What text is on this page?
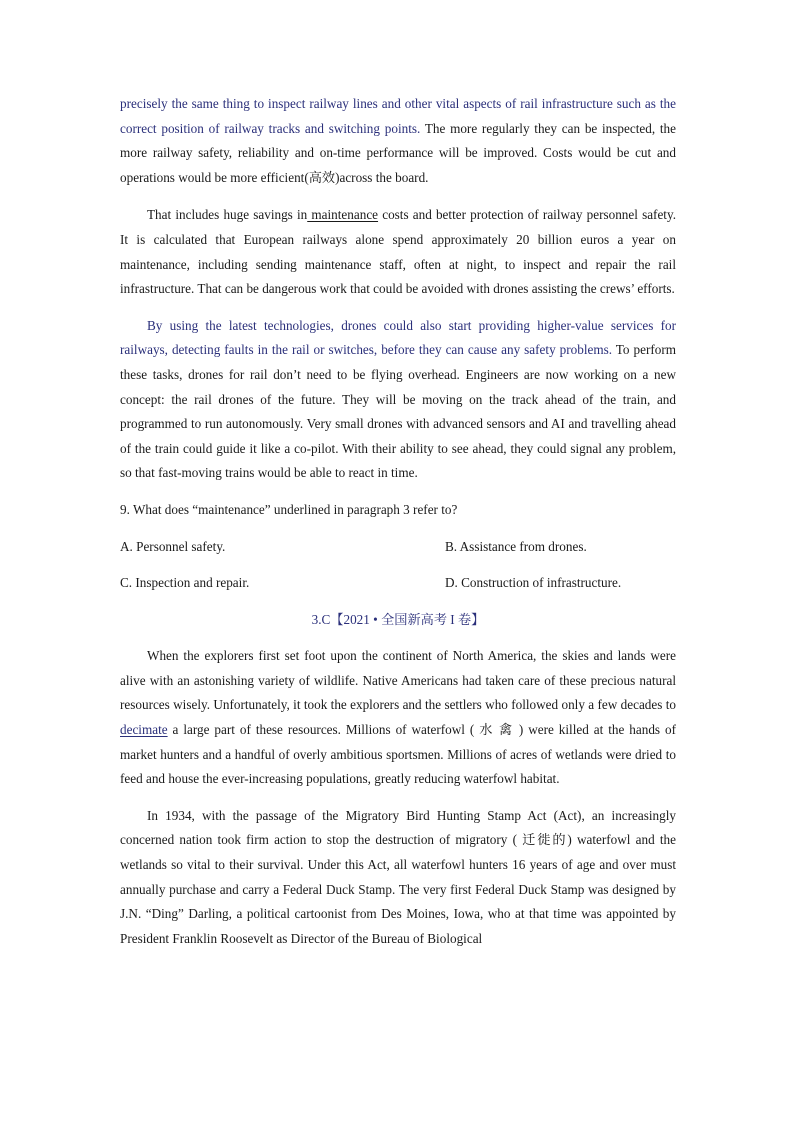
precisely the same thing to inspect railway lines and other vital aspects of rail infrastructure such as the correct position of railway tracks and switching points. The more regularly they can be inspected, the more railway safety, reliability and on-time performance will be improved. Costs would be cut and operations would be more efficient(高效)across the board.

That includes huge savings in maintenance costs and better protection of railway personnel safety. It is calculated that European railways alone spend approximately 20 billion euros a year on maintenance, including sending maintenance staff, often at night, to inspect and repair the rail infrastructure. That can be dangerous work that could be avoided with drones assisting the crews’ efforts.

By using the latest technologies, drones could also start providing higher-value services for railways, detecting faults in the rail or switches, before they can cause any safety problems. To perform these tasks, drones for rail don’t need to be flying overhead. Engineers are now working on a new concept: the rail drones of the future. They will be moving on the track ahead of the train, and programmed to run autonomously. Very small drones with advanced sensors and AI and travelling ahead of the train could guide it like a co-pilot. With their ability to see ahead, they could signal any problem, so that fast-moving trains would be able to react in time.

9. What does “maintenance” underlined in paragraph 3 refer to?

A. Personnel safety.	B. Assistance from drones.
C. Inspection and repair.	D. Construction of infrastructure.
3.C【2021 • 全国新高考 I 卷】

When the explorers first set foot upon the continent of North America, the skies and lands were alive with an astonishing variety of wildlife. Native Americans had taken care of these precious natural resources wisely. Unfortunately, it took the explorers and the settlers who followed only a few decades to decimate a large part of these resources. Millions of waterfowl ( 水 禽 ) were killed at the hands of market hunters and a handful of overly ambitious sportsmen. Millions of acres of wetlands were dried to feed and house the ever-increasing populations, greatly reducing waterfowl habitat.

In 1934, with the passage of the Migratory Bird Hunting Stamp Act (Act), an increasingly concerned nation took firm action to stop the destruction of migratory ( 迁徙的) waterfowl and the wetlands so vital to their survival. Under this Act, all waterfowl hunters 16 years of age and over must annually purchase and carry a Federal Duck Stamp. The very first Federal Duck Stamp was designed by J.N. “Ding” Darling, a political cartoonist from Des Moines, Iowa, who at that time was appointed by President Franklin Roosevelt as Director of the Bureau of Biological
